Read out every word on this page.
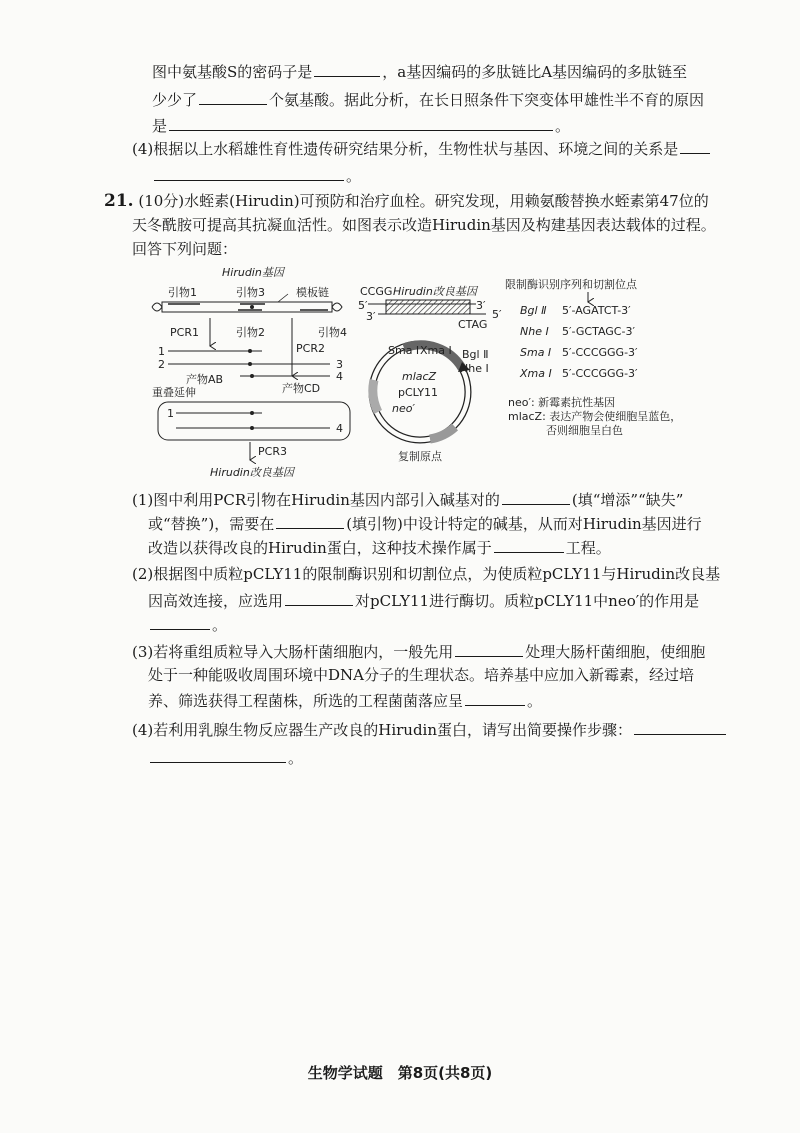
图中氨基酸S的密码子是	，a基因编码的多肽链比A基因编码的多肽链至
少少了	个氨基酸。据此分析，在长日照条件下突变体甲雄性半不育的原因
是	。
(4)根据以上水稻雄性育性遗传研究结果分析，生物性状与基因、环境之间的关系是
。
21. (10分)水蛭素(Hirudin)可预防和治疗血栓。研究发现，用赖氨酸替换水蛭素第47位的
天冬酰胺可提高其抗凝血活性。如图表示改造Hirudin基因及构建基因表达载体的过程。
回答下列问题：
Hirudin基因
引物1	引物3	模板链
PCR1	引物2
PCR2
引物4
1
2
产物AB
3
4
产物CD
重叠延伸
1
4
PCR3
Hirudin改良基因
CCGG Hirudin改良基因
5′	3′
3′	5′
CTAG
Sma Ⅰ Xma Ⅰ Bgl Ⅱ
Nhe Ⅰ
mlacZ
pCLY11
neo′
复制原点
限制酶识别序列和切割位点
Bgl Ⅱ 5′-AGATCT-3′
Nhe Ⅰ 5′-GCTAGC-3′
Sma Ⅰ 5′-CCCGGG-3′
Xma Ⅰ 5′-CCCGGG-3′
neo′: 新霉素抗性基因
mlacZ: 表达产物会使细胞呈蓝色，
否则细胞呈白色
(1)图中利用PCR引物在Hirudin基因内部引入碱基对的	(填“增添”“缺失”
或“替换”)，需要在	(填引物)中设计特定的碱基，从而对Hirudin基因进行
改造以获得改良的Hirudin蛋白，这种技术操作属于	工程。
(2)根据图中质粒pCLY11的限制酶识别和切割位点，为使质粒pCLY11与Hirudin改良基
因高效连接，应选用	对pCLY11进行酶切。质粒pCLY11中neo′的作用是
。
(3)若将重组质粒导入大肠杆菌细胞内，一般先用	处理大肠杆菌细胞，使细胞
处于一种能吸收周围环境中DNA分子的生理状态。培养基中应加入新霉素，经过培
养、筛选获得工程菌株，所选的工程菌菌落应呈	。
(4)若利用乳腺生物反应器生产改良的Hirudin蛋白，请写出简要操作步骤：
。
生物学试题　第8页(共8页)
